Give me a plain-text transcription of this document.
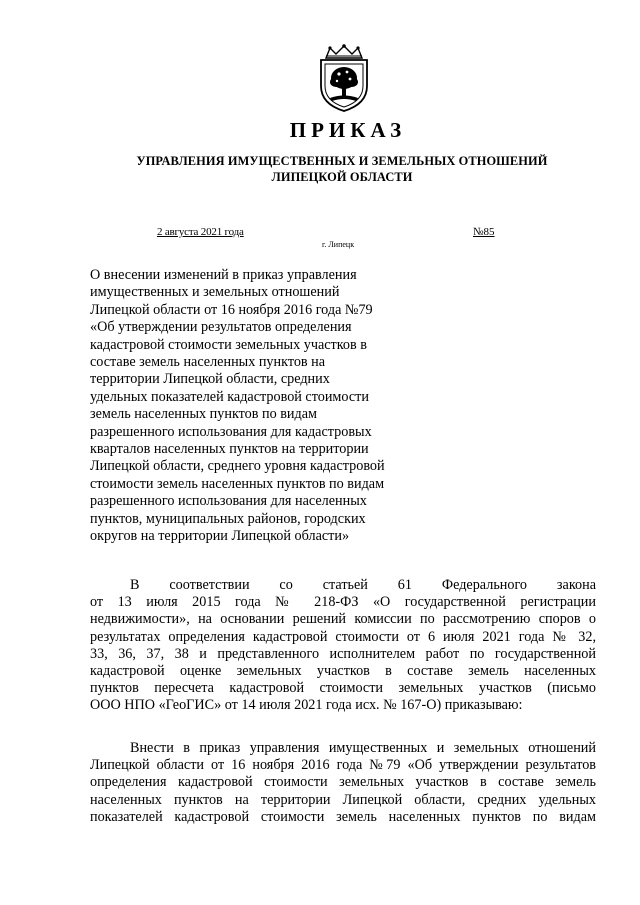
ПРИКАЗ
УПРАВЛЕНИЯ ИМУЩЕСТВЕННЫХ И ЗЕМЕЛЬНЫХ ОТНОШЕНИЙ
ЛИПЕЦКОЙ ОБЛАСТИ
2 августа 2021 года	№85
г. Липецк
О внесении изменений в приказ управления
имущественных и земельных отношений
Липецкой области от 16 ноября 2016 года №79
«Об утверждении результатов определения
кадастровой стоимости земельных участков в
составе земель населенных пунктов на
территории Липецкой области, средних
удельных показателей кадастровой стоимости
земель населенных пунктов по видам
разрешенного использования для кадастровых
кварталов населенных пунктов на территории
Липецкой области, среднего уровня кадастровой
стоимости земель населенных пунктов по видам
разрешенного использования для населенных
пунктов, муниципальных районов, городских
округов на территории Липецкой области»
В соответствии со статьей 61 Федерального закона
от 13 июля 2015 года № 218-ФЗ «О государственной регистрации
недвижимости», на основании решений комиссии по рассмотрению споров о
результатах определения кадастровой стоимости от 6 июля 2021 года № 32,
33, 36, 37, 38 и представленного исполнителем работ по государственной
кадастровой оценке земельных участков в составе земель населенных
пунктов пересчета кадастровой стоимости земельных участков (письмо
ООО НПО «ГеоГИС» от 14 июля 2021 года исх. № 167-О) приказываю:
Внести в приказ управления имущественных и земельных отношений
Липецкой области от 16 ноября 2016 года №79 «Об утверждении результатов
определения кадастровой стоимости земельных участков в составе земель
населенных пунктов на территории Липецкой области, средних удельных
показателей кадастровой стоимости земель населенных пунктов по видам
